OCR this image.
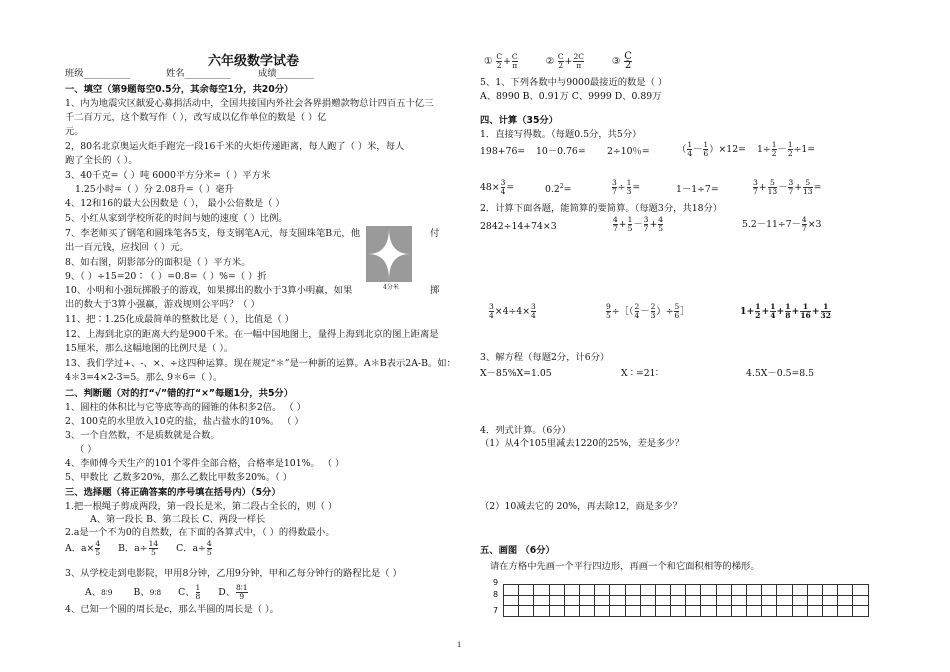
六年级数学试卷
班级__________	姓名__________	成绩________
一、填空（第9题每空0.5分，其余每空1分，共20分）
1、内为地震灾区献爱心募捐活动中，全国共接国内外社会各界捐赠款物总计四百五十亿三
千二百万元，这个数写作（ ），改写成以亿作单位的数是（ ）亿
元。
2，80名北京奥运火炬手跑完一段16千米的火炬传递距离，每人跑了（ ）米，每人
跑了全长的（ ）。
3、40千克=（ ）吨 6000平方分米=（ ）平方米
1.25小时=（ ）分 2.08升=（ ）毫升
4、12和16的最大公因数是（ ）， 最小公倍数是（ ）
5、小红从家到学校所花的时间与她的速度（ ）比例。
7、李老师买了钢笔和圆珠笔各5支，每支钢笔A元，每支圆珠笔B元，他	付
出一百元钱，应找回（ ）元。
8、如右图，阴影部分的面积是（ ）平方米。
9、（ ）÷15=20∶（ ）=0.8=（ ）%=（ ）折
10、小明和小强玩掷骰子的游戏，如果掷出的数小于3算小明赢，如果	掷
出的数大于3算小强赢，游戏规则公平吗？（ ）
4分米
11、把∶1.25化成最简单的整数比是（ ），比值是（ ）
12、上海到北京的距离大约是900千米。在一幅中国地图上，量得上海到北京的图上距离是
15厘米，那么这幅地图的比例尺是（ ）。
13、我们学过+、-、×、÷这四种运算。现在规定“＊”是一种新的运算。A＊B表示2A-B。如：
4＊3=4×2-3=5。那么 9＊6=（ ）。
二、判断题（对的打“√”错的打“×”每题1分，共5分）
1、圆柱的体积比与它等底等高的圆锥的体积多2倍。 （ ）
2、100克的水里放入10克的盐，盐占盐水的10%。 （ ）
3、一个自然数，不是质数就是合数。
（ ）
4、李师傅今天生产的101个零件全部合格，合格率是101%。 （ ）
5、甲数比 乙数多20%，那么乙数比甲数多20%。（ ）
三、选择题（将正确答案的序号填在括号内）（5分）
1.把一根绳子剪成两段，第一段长是米，第二段占全长的，则（ ）
A、第一段长 B、第二段长 C、两段一样长
2.a是一个不为0的自然数，在下面的各算式中，（ ）的得数最小。
A．$a\times \frac{4}{5}$ B．$a\div \frac{14}{5}$ C．$a\div \frac{4}{5}$
3、从学校走到电影院，甲用8分钟，乙用9分钟，甲和乙每分钟行的路程比是（ ）
A、8∶9 B、9∶8 C、 $\frac{1}{8}$ D、 $\frac{8∶1}{9}$
4、已知一个圆的周长是c，那么半圆的周长是（ ）。
① $\frac{C}{2} + \frac{C}{\pi}$	② $\frac{C}{2} + \frac{2C}{\pi}$	③ $\frac{C}{2}$
5、1、下列各数中与9000最接近的数是（ ）
A、8990 B、0.91万 C、9999 D、0.89万
四、计算（35分）
1．直接写得数。（每题0.5分，共5分）
198+76= 10－0.76= 2÷10％=	（ $\frac{1}{4} - \frac{1}{6} )\times 12= 1\div \frac{1}{2} - \frac{1}{2} \div 1=$
$48\times \frac{3}{4}$ =	$0.2^2=$	$\frac{3}{7} \div \frac{1}{3}$ =	1－1÷7=	$\frac{3}{7} + \frac{5}{13} - \frac{3}{7} + \frac{5}{13}$ =
2．计算下面各题，能简算的要简算。（每题3分，共18分）
2842÷14+74×3	$\frac{4}{7} + \frac{1}{5} - \frac{3}{7} + \frac{4}{5}$	$5.2-11\div 7- \frac{4}{7} \times 3$
$\frac{3}{4} \times 4\div 4\times \frac{3}{4}$	$\frac{9}{5}$ ÷［（ $\frac{2}{4} - \frac{2}{3}$ ）÷ $\frac{5}{6}$ ］	$1+ \frac{1}{2} + \frac{1}{4} + \frac{1}{8} + \frac{1}{16} + \frac{1}{32}$
3、解方程（每题2分，计6分）
X－85%X=1.05	X ∶ =21∶	4.5X－0.5=8.5
4．列式计算。（6分）
（1）从4个105里减去1220的25%，差是多少？
（2）10减去它的 20%，再去除12，商是多少？
五、画图 （6分）
请在方格中先画一个平行四边形，再画一个和它面积相等的梯形。
9
8
7

1
